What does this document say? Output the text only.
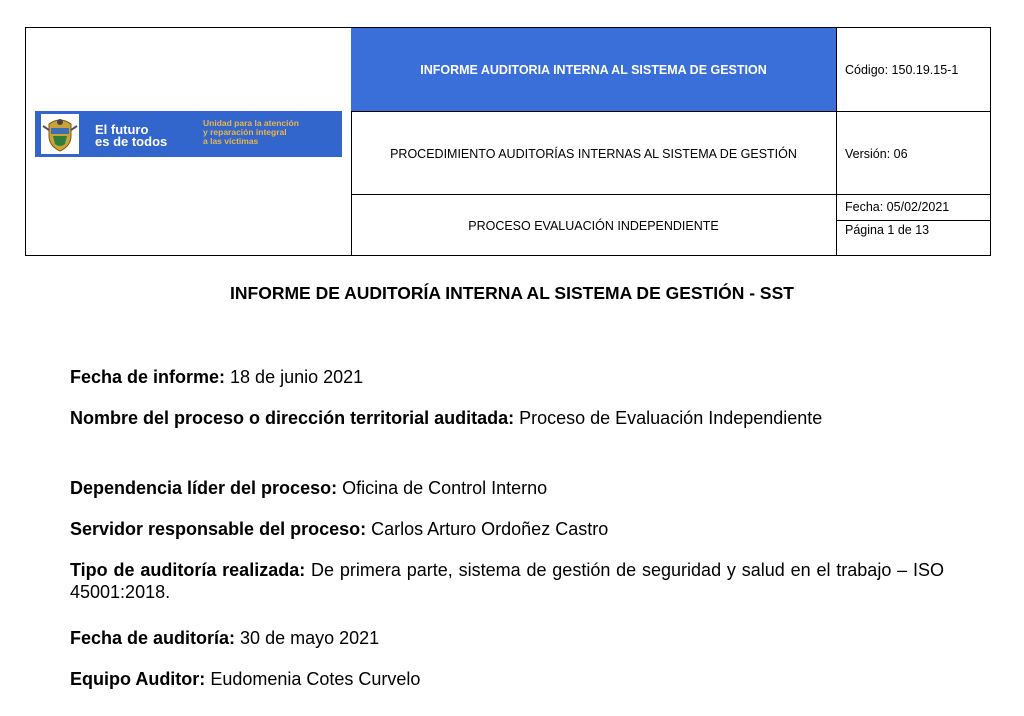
El futuro
es de todos
Unidad para la atención
y reparación integral
a las víctimas
INFORME AUDITORIA INTERNA AL SISTEMA DE GESTION
PROCEDIMIENTO AUDITORÍAS INTERNAS AL SISTEMA DE GESTIÓN
PROCESO EVALUACIÓN INDEPENDIENTE
Código: 150.19.15-1
Versión: 06
Fecha: 05/02/2021
Página 1 de 13
INFORME DE AUDITORÍA INTERNA AL SISTEMA DE GESTIÓN - SST
Fecha de informe: 18 de junio 2021
Nombre del proceso o dirección territorial auditada: Proceso de Evaluación Independiente
Dependencia líder del proceso: Oficina de Control Interno
Servidor responsable del proceso: Carlos Arturo Ordoñez Castro
Tipo de auditoría realizada: De primera parte, sistema de gestión de seguridad y salud en el trabajo – ISO 45001:2018.
Fecha de auditoría: 30 de mayo 2021
Equipo Auditor: Eudomenia Cotes Curvelo
